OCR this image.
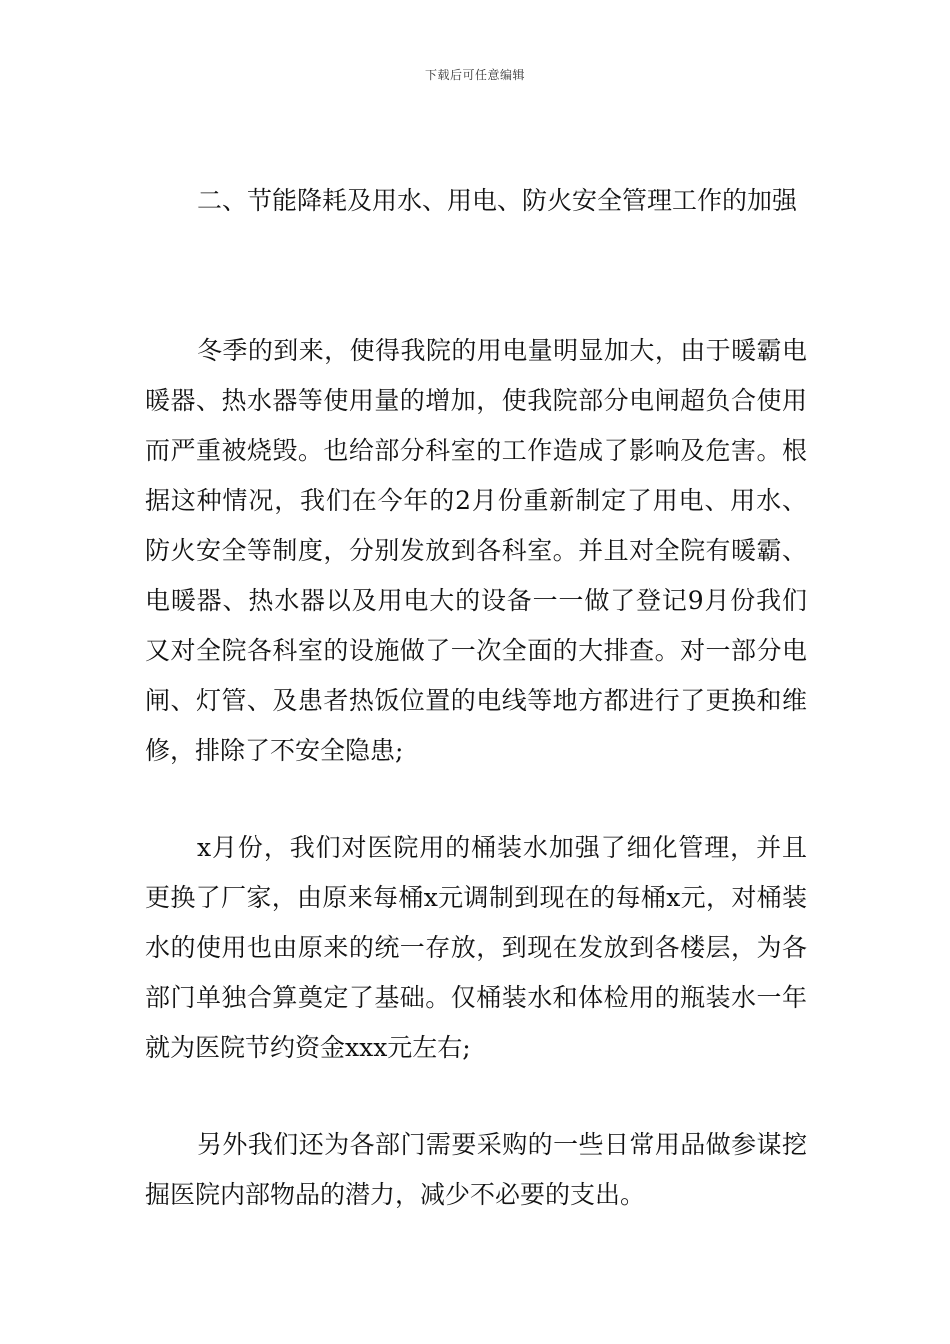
下载后可任意编辑

二、节能降耗及用水、用电、防火安全管理工作的加强

冬季的到来，使得我院的用电量明显加大，由于暖霸电暖器、热水器等使用量的增加，使我院部分电闸超负合使用而严重被烧毁。也给部分科室的工作造成了影响及危害。根据这种情况，我们在今年的2月份重新制定了用电、用水、防火安全等制度，分别发放到各科室。并且对全院有暖霸、电暖器、热水器以及用电大的设备一一做了登记9月份我们又对全院各科室的设施做了一次全面的大排查。对一部分电闸、灯管、及患者热饭位置的电线等地方都进行了更换和维修，排除了不安全隐患;

x月份，我们对医院用的桶装水加强了细化管理，并且更换了厂家，由原来每桶x元调制到现在的每桶x元，对桶装水的使用也由原来的统一存放，到现在发放到各楼层，为各部门单独合算奠定了基础。仅桶装水和体检用的瓶装水一年就为医院节约资金xxx元左右;

另外我们还为各部门需要采购的一些日常用品做参谋挖掘医院内部物品的潜力，减少不必要的支出。
